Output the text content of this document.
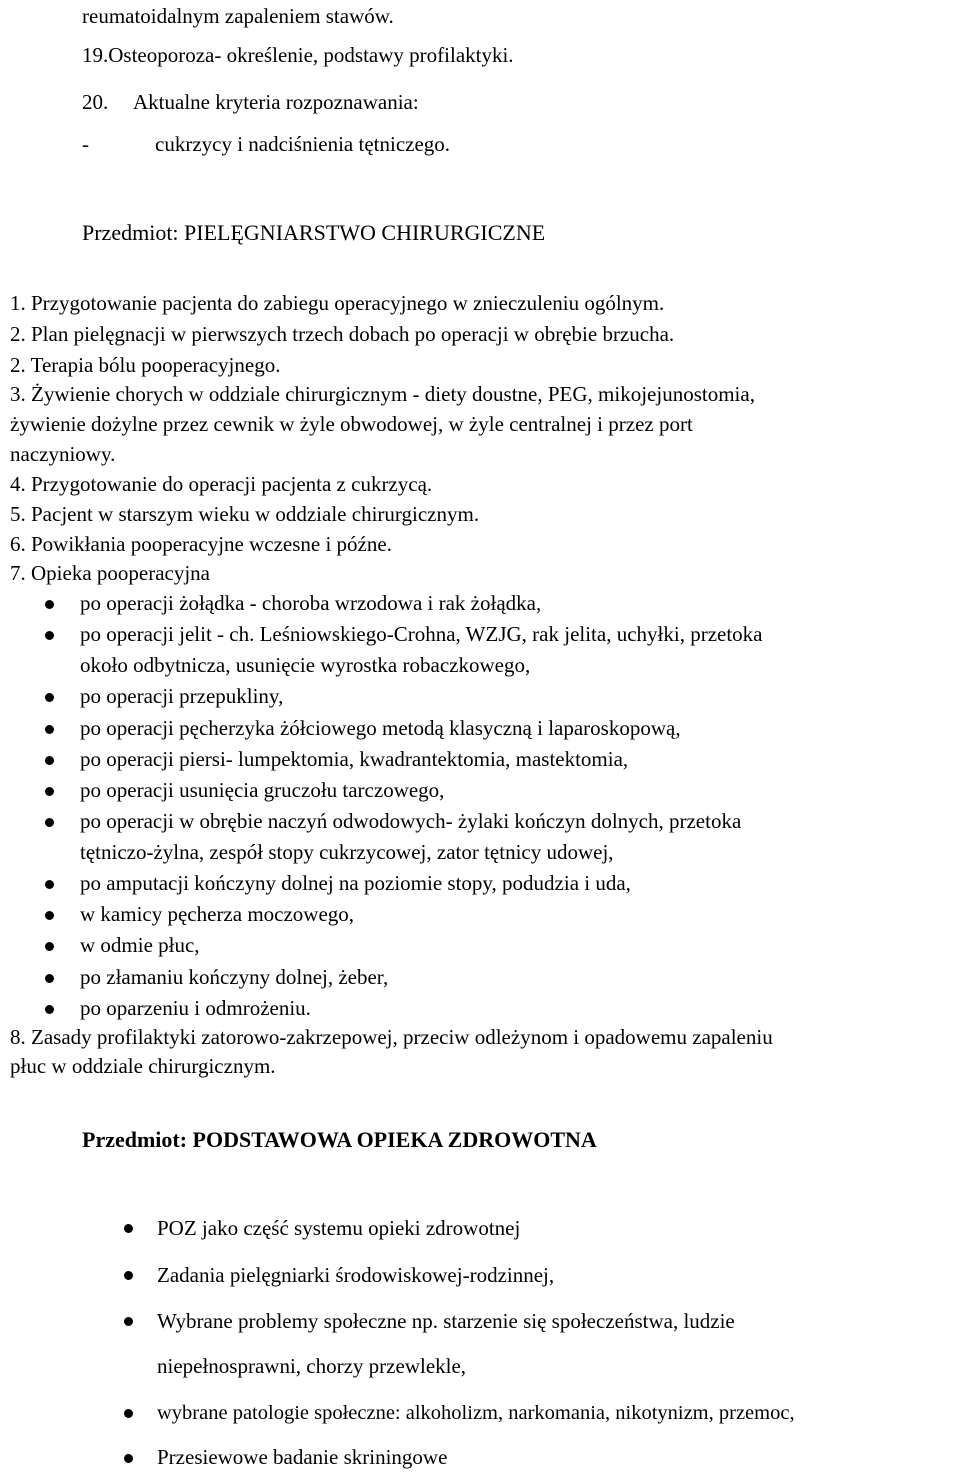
reumatoidalnym zapaleniem stawów.
19.Osteoporoza- określenie, podstawy profilaktyki.
20. Aktualne kryteria rozpoznawania:
-	cukrzycy i nadciśnienia tętniczego.
Przedmiot: PIELĘGNIARSTWO CHIRURGICZNE
1. Przygotowanie pacjenta do zabiegu operacyjnego w znieczuleniu ogólnym.
2. Plan pielęgnacji w pierwszych trzech dobach po operacji w obrębie brzucha.
2. Terapia bólu pooperacyjnego.
3. Żywienie chorych w oddziale chirurgicznym - diety doustne, PEG, mikojejunostomia,
żywienie dożylne przez cewnik w żyle obwodowej, w żyle centralnej i przez port
naczyniowy.
4. Przygotowanie do operacji pacjenta z cukrzycą.
5. Pacjent w starszym wieku w oddziale chirurgicznym.
6. Powikłania pooperacyjne wczesne i późne.
7. Opieka pooperacyjna
po operacji żołądka - choroba wrzodowa i rak żołądka,
po operacji jelit - ch. Leśniowskiego-Crohna, WZJG, rak jelita, uchyłki, przetoka
około odbytnicza, usunięcie wyrostka robaczkowego,
po operacji przepukliny,
po operacji pęcherzyka żółciowego metodą klasyczną i laparoskopową,
po operacji piersi- lumpektomia, kwadrantektomia, mastektomia,
po operacji usunięcia gruczołu tarczowego,
po operacji w obrębie naczyń odwodowych- żylaki kończyn dolnych, przetoka
tętniczo-żylna, zespół stopy cukrzycowej, zator tętnicy udowej,
po amputacji kończyny dolnej na poziomie stopy, podudzia i uda,
w kamicy pęcherza moczowego,
w odmie płuc,
po złamaniu kończyny dolnej, żeber,
po oparzeniu i odmrożeniu.
8. Zasady profilaktyki zatorowo-zakrzepowej, przeciw odleżynom i opadowemu zapaleniu
płuc w oddziale chirurgicznym.
Przedmiot: PODSTAWOWA OPIEKA ZDROWOTNA
POZ jako część systemu opieki zdrowotnej
Zadania pielęgniarki środowiskowej-rodzinnej,
Wybrane problemy społeczne np. starzenie się społeczeństwa, ludzie
niepełnosprawni, chorzy przewlekle,
wybrane patologie społeczne: alkoholizm, narkomania, nikotynizm, przemoc,
Przesiewowe badanie skriningowe
